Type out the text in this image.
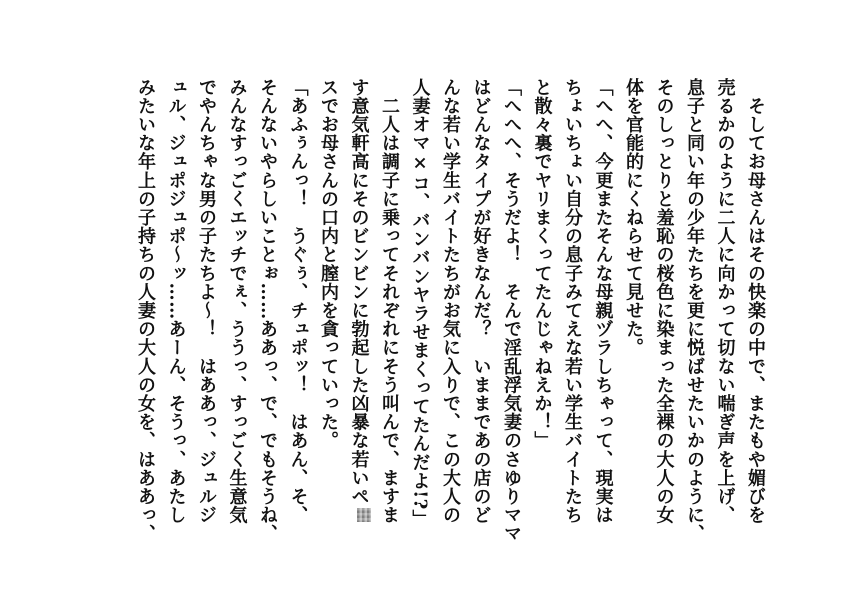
　そしてお母さんはその快楽の中で、またもや媚びを
売るかのように二人に向かって切ない喘ぎ声を上げ、
息子と同い年の少年たちを更に悦ばせたいかのように、
そのしっとりと羞恥の桜色に染まった全裸の大人の女
体を官能的にくねらせて見せた。
「へへ、今更またそんな母親ヅラしちゃって、現実は
ちょいちょい自分の息子みてえな若い学生バイトたち
と散々裏でヤリまくってたんじゃねえか！」
「へへへ、そうだよ！　そんで淫乱浮気妻のさゆりママ
はどんなタイプが好きなんだ？　いままであの店のど
んな若い学生バイトたちがお気に入りで、この大人の
人妻オマ×コ、バンバンヤラせまくってたんだよ!?」
　二人は調子に乗ってそれぞれにそう叫んで、ますま
す意気軒高にそのビンビンに勃起した凶暴な若いペ
スでお母さんの口内と膣内を貪っていった。
「あふぅんっ！　うぐぅ、チュポッ！　はあん、そ、
そんないやらしいことぉ……ああっ、で、でもそうね、
みんなすっごくエッチでぇ、ううっ、すっごく生意気
でやんちゃな男の子たちよ～！　はああっ、ジュルジ
ュル、ジュポジュポ～ッ……あーん、そうっ、あたし
みたいな年上の子持ちの人妻の大人の女を、はああっ、
